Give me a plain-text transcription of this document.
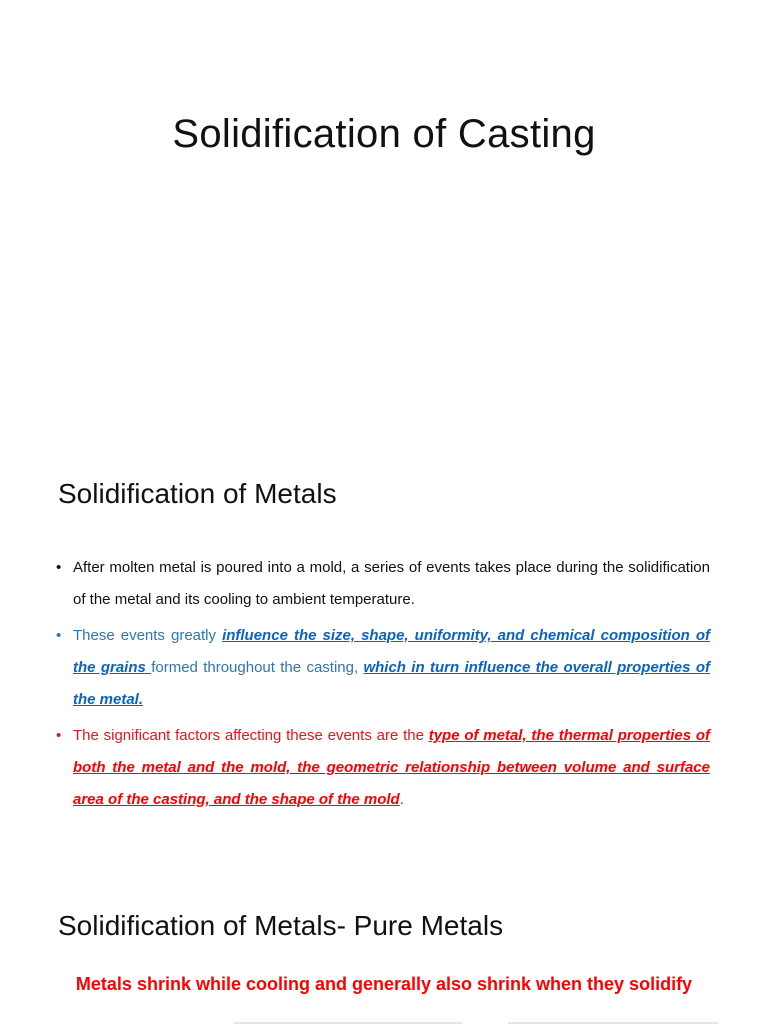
Solidification of Casting
Solidification of Metals
• After molten metal is poured into a mold, a series of events takes place during the solidification of the metal and its cooling to ambient temperature.
• These events greatly influence the size, shape, uniformity, and chemical composition of the grains formed throughout the casting, which in turn influence the overall properties of the metal.
• The significant factors affecting these events are the type of metal, the thermal properties of both the metal and the mold, the geometric relationship between volume and surface area of the casting, and the shape of the mold.
Solidification of Metals- Pure Metals

Metals shrink while cooling and generally also shrink when they solidify
